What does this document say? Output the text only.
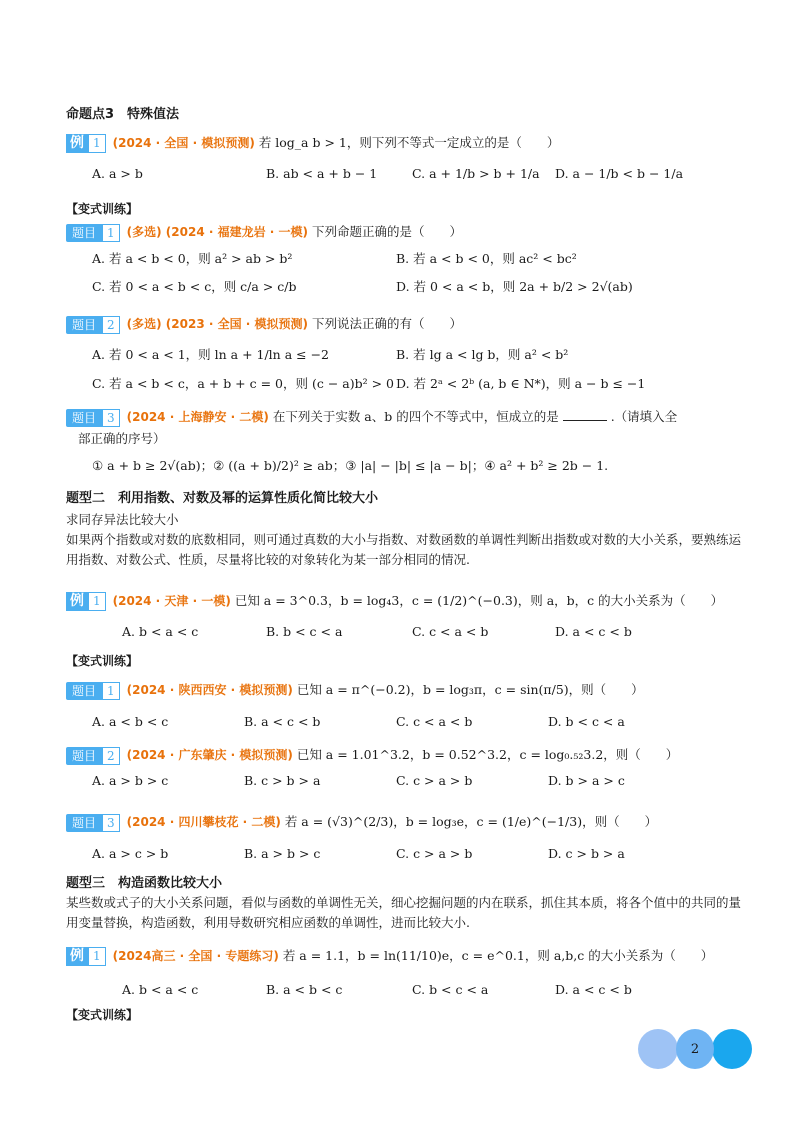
命题点3　特殊值法
例 1 (2024 · 全国 · 模拟预测) 若 log_a b > 1，则下列不等式一定成立的是（　　）
A. a > b	B. ab < a + b − 1	C. a + 1/b > b + 1/a D. a − 1/b < b − 1/a
【变式训练】
题目 1 (多选) (2024 · 福建龙岩 · 一模) 下列命题正确的是（　　）
A. 若 a < b < 0，则 a² > ab > b²	B. 若 a < b < 0，则 ac² < bc²
C. 若 0 < a < b < c，则 c/a > c/b	D. 若 0 < a < b，则 2a + b/2 > 2√(ab)
题目 2 (多选) (2023 · 全国 · 模拟预测) 下列说法正确的有（　　）
A. 若 0 < a < 1，则 ln a + 1/ln a ≤ −2	B. 若 lg a < lg b，则 a² < b²
C. 若 a < b < c，a + b + c = 0，则 (c − a)b² > 0 D. 若 2ᵃ < 2ᵇ (a, b ∈ N*)，则 a − b ≤ −1
题目 3 (2024 · 上海静安 · 二模) 在下列关于实数 a、b 的四个不等式中，恒成立的是	.（请填入全
部正确的序号）
① a + b ≥ 2√(ab)；② ((a + b)/2)² ≥ ab；③ |a| − |b| ≤ |a − b|；④ a² + b² ≥ 2b − 1.
题型二　利用指数、对数及幂的运算性质化简比较大小
求同存异法比较大小
如果两个指数或对数的底数相同，则可通过真数的大小与指数、对数函数的单调性判断出指数或对数的大小关系，要熟练运用指数、对数公式、性质，尽量将比较的对象转化为某一部分相同的情况.
例 1 (2024 · 天津 · 一模) 已知 a = 3^0.3，b = log₄3，c = (1/2)^(−0.3)，则 a，b，c 的大小关系为（　　）
A. b < a < c	B. b < c < a	C. c < a < b	D. a < c < b
【变式训练】
题目 1 (2024 · 陕西西安 · 模拟预测) 已知 a = π^(−0.2)，b = log₃π，c = sin(π/5)，则（　　）
A. a < b < c	B. a < c < b	C. c < a < b	D. b < c < a
题目 2 (2024 · 广东肇庆 · 模拟预测) 已知 a = 1.01^3.2，b = 0.52^3.2，c = log₀.₅₂3.2，则（　　）
A. a > b > c	B. c > b > a	C. c > a > b	D. b > a > c
题目 3 (2024 · 四川攀枝花 · 二模) 若 a = (√3)^(2/3)，b = log₃e，c = (1/e)^(−1/3)，则（　　）
A. a > c > b	B. a > b > c	C. c > a > b	D. c > b > a
题型三　构造函数比较大小
某些数或式子的大小关系问题，看似与函数的单调性无关，细心挖掘问题的内在联系，抓住其本质，将各个值中的共同的量用变量替换，构造函数，利用导数研究相应函数的单调性，进而比较大小.
例 1 (2024高三 · 全国 · 专题练习) 若 a = 1.1，b = ln(11/10)e，c = e^0.1，则 a,b,c 的大小关系为（　　）
A. b < a < c	B. a < b < c	C. b < c < a	D. a < c < b
【变式训练】
2
